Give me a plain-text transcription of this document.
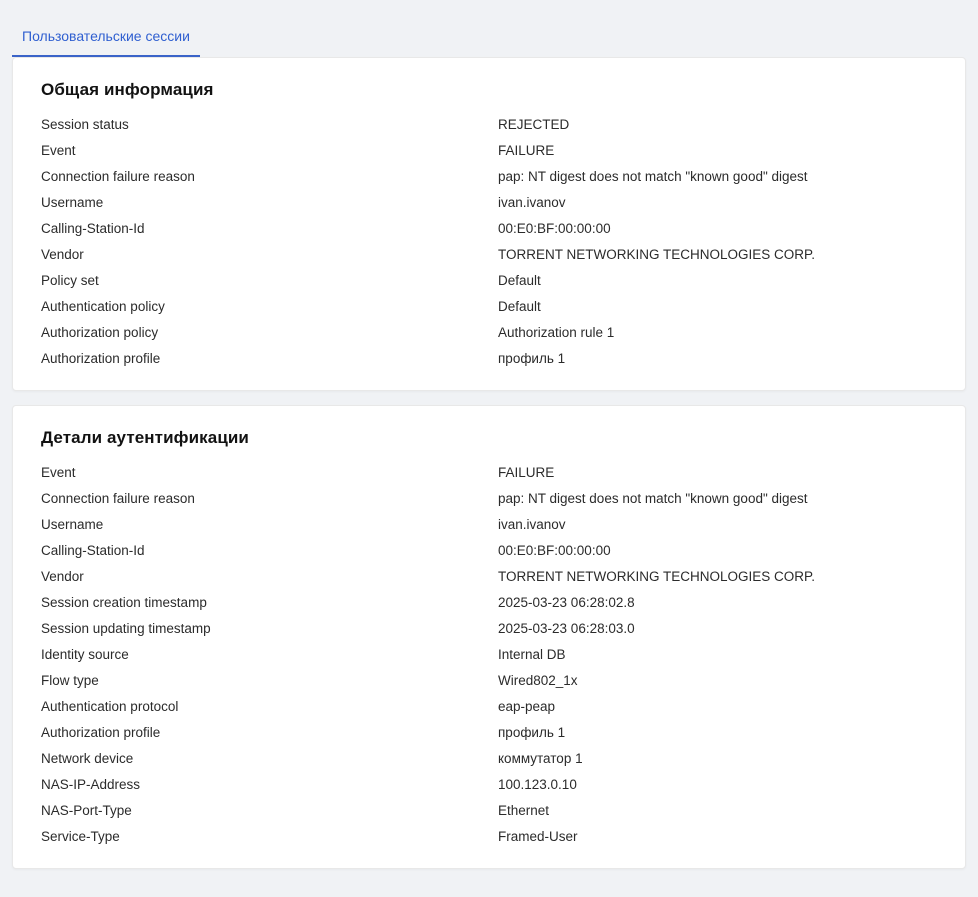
Пользовательские сессии
Общая информация
Session status	REJECTED
Event	FAILURE
Connection failure reason	pap: NT digest does not match "known good" digest
Username	ivan.ivanov
Calling-Station-Id	00:E0:BF:00:00:00
Vendor	TORRENT NETWORKING TECHNOLOGIES CORP.
Policy set	Default
Authentication policy	Default
Authorization policy	Authorization rule 1
Authorization profile	профиль 1
Детали аутентификации
Event	FAILURE
Connection failure reason	pap: NT digest does not match "known good" digest
Username	ivan.ivanov
Calling-Station-Id	00:E0:BF:00:00:00
Vendor	TORRENT NETWORKING TECHNOLOGIES CORP.
Session creation timestamp	2025-03-23 06:28:02.8
Session updating timestamp	2025-03-23 06:28:03.0
Identity source	Internal DB
Flow type	Wired802_1x
Authentication protocol	eap-peap
Authorization profile	профиль 1
Network device	коммутатор 1
NAS-IP-Address	100.123.0.10
NAS-Port-Type	Ethernet
Service-Type	Framed-User
